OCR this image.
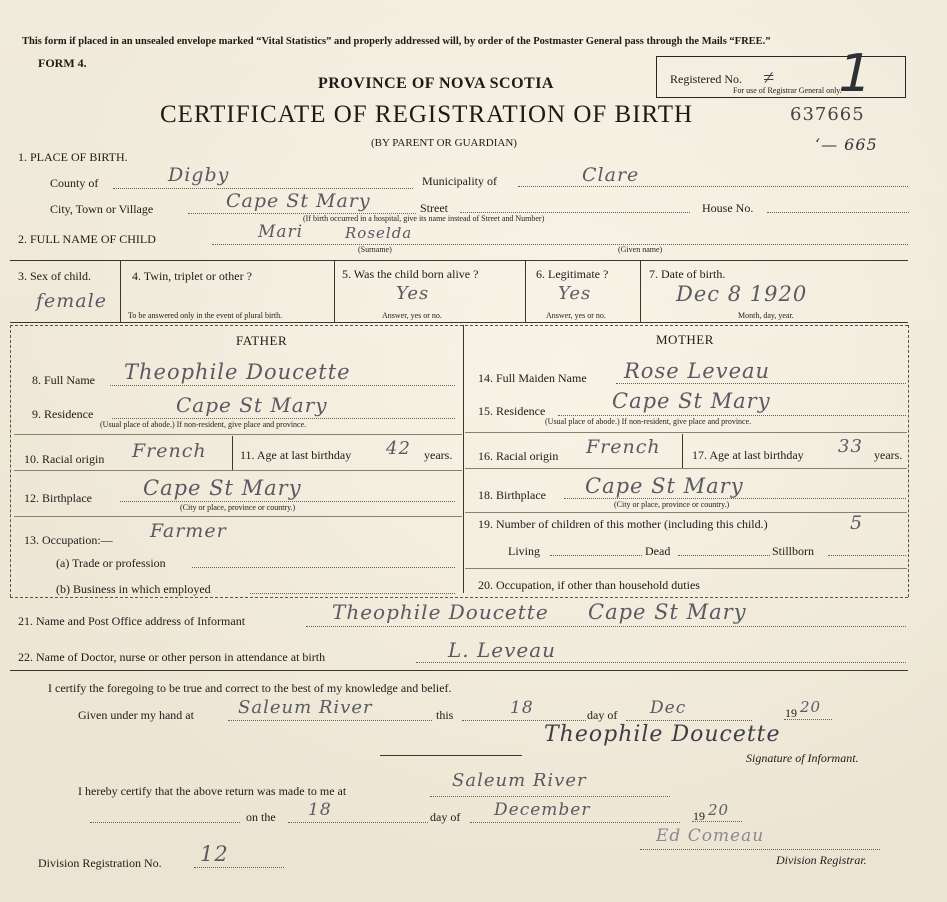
This form if placed in an unsealed envelope marked “Vital Statistics” and properly addressed will, by order of the Postmaster General pass through the Mails “FREE.”
FORM 4.
PROVINCE OF NOVA SCOTIA
CERTIFICATE OF REGISTRATION OF BIRTH
(BY PARENT OR GUARDIAN)
Registered No. ≠ 1
For use of Registrar General only.
637665
‘— 665
1. PLACE OF BIRTH.
County of	Digby	Municipality of	Clare
City, Town or Village	Cape St Mary	Street	House No.
(If birth occurred in a hospital, give its name instead of Street and Number)
2. FULL NAME OF CHILD	Mari	Roselda
(Surname)	(Given name)
3. Sex of child.
female
4. Twin, triplet or other ?
To be answered only in the event of plural birth.
5. Was the child born alive ?
Yes
Answer, yes or no.
6. Legitimate ?
Yes
Answer, yes or no.
7. Date of birth.
Dec 8 1920
Month, day, year.
FATHER	MOTHER
8. Full Name Theophile Doucette
9. Residence	Cape St Mary
(Usual place of abode.) If non-resident, give place and province.
10. Racial origin French	11. Age at last birthday 42 years.
12. Birthplace Cape St Mary
(City or place, province or country.)
13. Occupation:— Farmer
(a) Trade or profession
(b) Business in which employed
14. Full Maiden Name Rose Leveau
15. Residence	Cape St Mary
(Usual place of abode.) If non-resident, give place and province.
16. Racial origin French	17. Age at last birthday 33 years.
18. Birthplace Cape St Mary
(City or place, province or country.)
19. Number of children of this mother (including this child.)	5
Living	Dead	Stillborn
20. Occupation, if other than household duties
21. Name and Post Office address of Informant	Theophile Doucette Cape St Mary
22. Name of Doctor, nurse or other person in attendance at birth	L. Leveau
I certify the foregoing to be true and correct to the best of my knowledge and belief.
Given under my hand at Saleum River	this	18	day of Dec	19 20
Theophile Doucette
Signature of Informant.
I hereby certify that the above return was made to me at	Saleum River
on the 18	day of December	19 20
Ed Comeau
Division Registrar.
Division Registration No. 12
